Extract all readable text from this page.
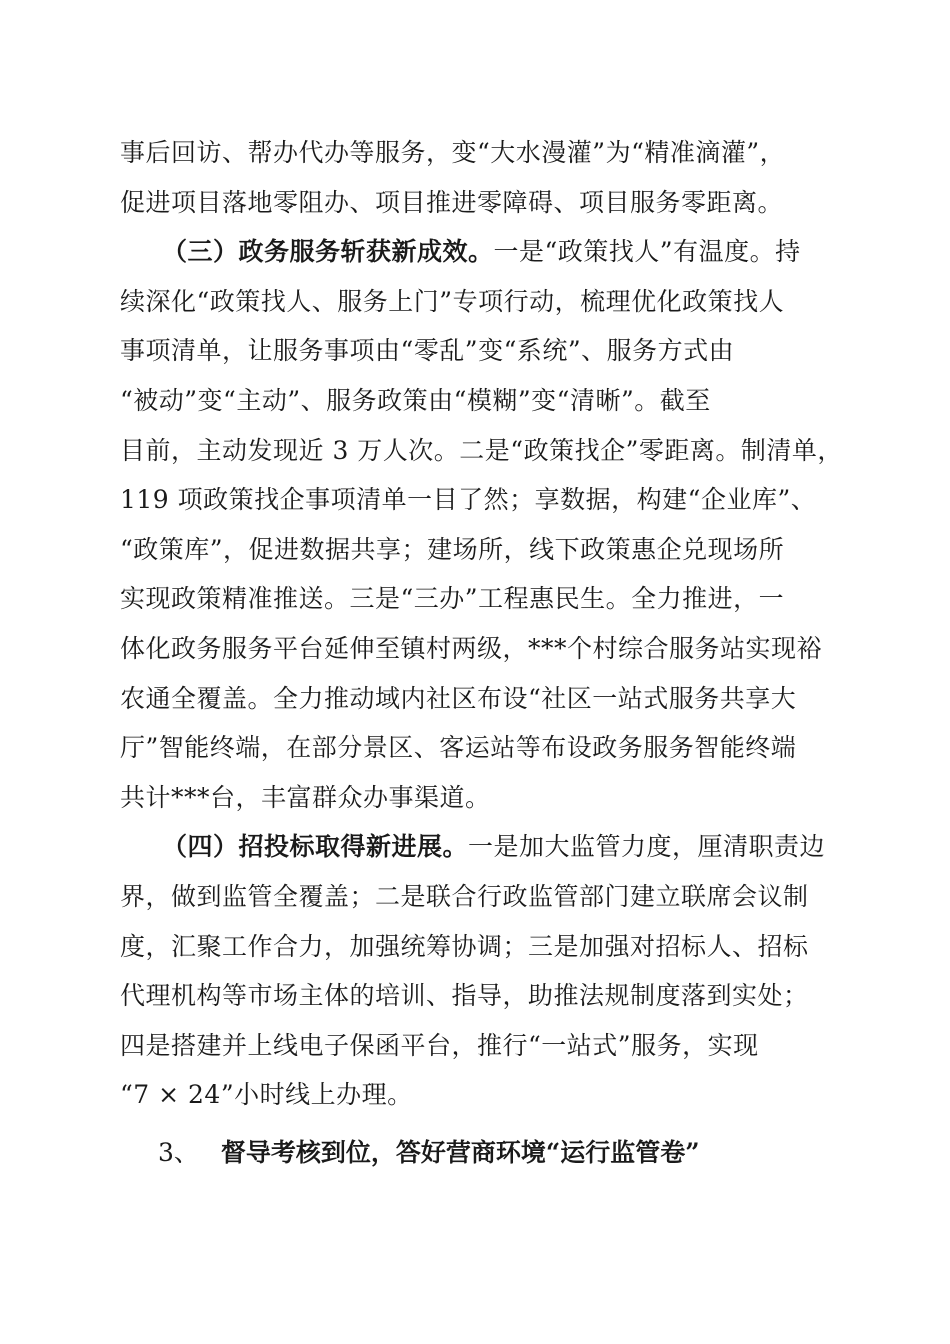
事后回访、帮办代办等服务，变“大水漫灌”为“精准滴灌”，
促进项目落地零阻办、项目推进零障碍、项目服务零距离。
（三）政务服务斩获新成效。一是“政策找人”有温度。持
续深化“政策找人、服务上门”专项行动，梳理优化政策找人
事项清单，让服务事项由“零乱”变“系统”、服务方式由
“被动”变“主动”、服务政策由“模糊”变“清晰”。截至
目前，主动发现近 3 万人次。二是“政策找企”零距离。制清单，
119 项政策找企事项清单一目了然；享数据，构建“企业库”、
“政策库”，促进数据共享；建场所，线下政策惠企兑现场所
实现政策精准推送。三是“三办”工程惠民生。全力推进，一
体化政务服务平台延伸至镇村两级，***个村综合服务站实现裕
农通全覆盖。全力推动域内社区布设“社区一站式服务共享大
厅”智能终端，在部分景区、客运站等布设政务服务智能终端
共计***台，丰富群众办事渠道。
（四）招投标取得新进展。一是加大监管力度，厘清职责边
界，做到监管全覆盖；二是联合行政监管部门建立联席会议制
度，汇聚工作合力，加强统筹协调；三是加强对招标人、招标
代理机构等市场主体的培训、指导，助推法规制度落到实处；
四是搭建并上线电子保函平台，推行“一站式”服务，实现
“7 × 24”小时线上办理。
3、 督导考核到位，答好营商环境“运行监管卷”
